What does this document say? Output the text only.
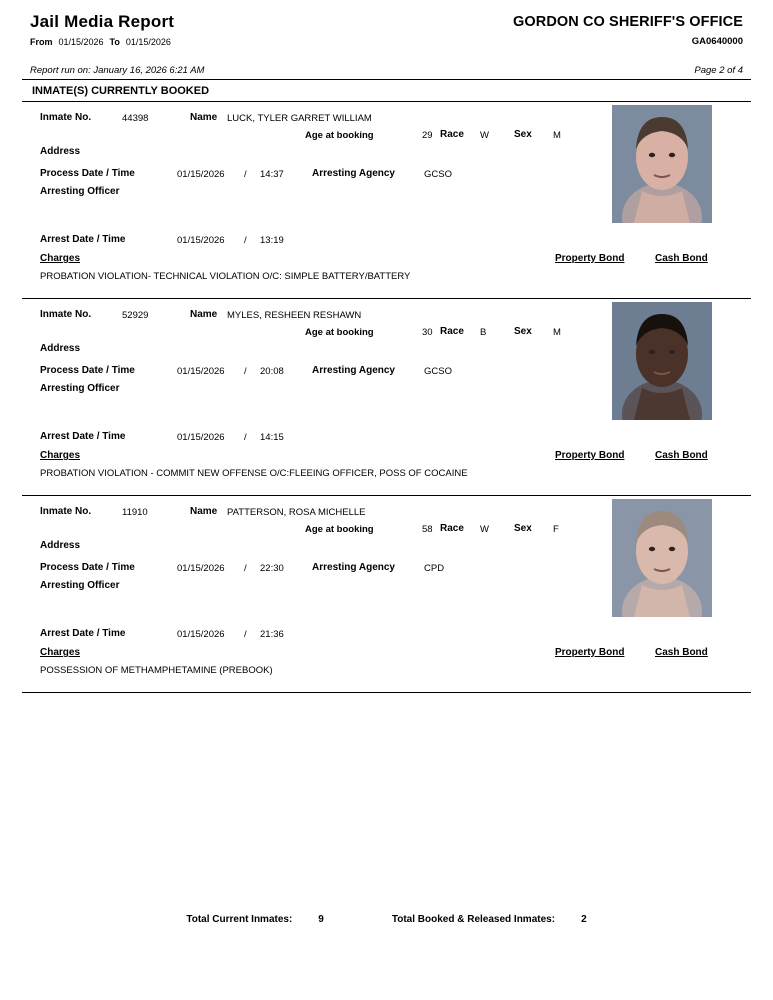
Jail Media Report
From 01/15/2026 To 01/15/2026
GORDON CO SHERIFF'S OFFICE
GA0640000
Report run on: January 16, 2026 6:21 AM	Page 2 of 4
INMATE(S) CURRENTLY BOOKED
Inmate No.	44398	Name LUCK, TYLER GARRET WILLIAM
Age at booking	29 Race W	Sex M
Address
Process Date / Time	01/15/2026 / 14:37	Arresting Agency	GCSO
Arresting Officer
Arrest Date / Time	01/15/2026 / 13:19
Charges	Property Bond	Cash Bond
PROBATION VIOLATION- TECHNICAL VIOLATION O/C: SIMPLE BATTERY/BATTERY
Inmate No.	52929	Name MYLES, RESHEEN RESHAWN
Age at booking	30 Race B	Sex M
Address
Process Date / Time	01/15/2026 / 20:08	Arresting Agency	GCSO
Arresting Officer
Arrest Date / Time	01/15/2026 / 14:15
Charges	Property Bond	Cash Bond
PROBATION VIOLATION - COMMIT NEW OFFENSE O/C:FLEEING OFFICER, POSS OF COCAINE
Inmate No.	11910	Name PATTERSON, ROSA MICHELLE
Age at booking	58 Race W	Sex F
Address
Process Date / Time	01/15/2026 / 22:30	Arresting Agency	CPD
Arresting Officer
Arrest Date / Time	01/15/2026 / 21:36
Charges	Property Bond	Cash Bond
POSSESSION OF METHAMPHETAMINE (PREBOOK)
Total Current Inmates:	9	Total Booked & Released Inmates:	2
